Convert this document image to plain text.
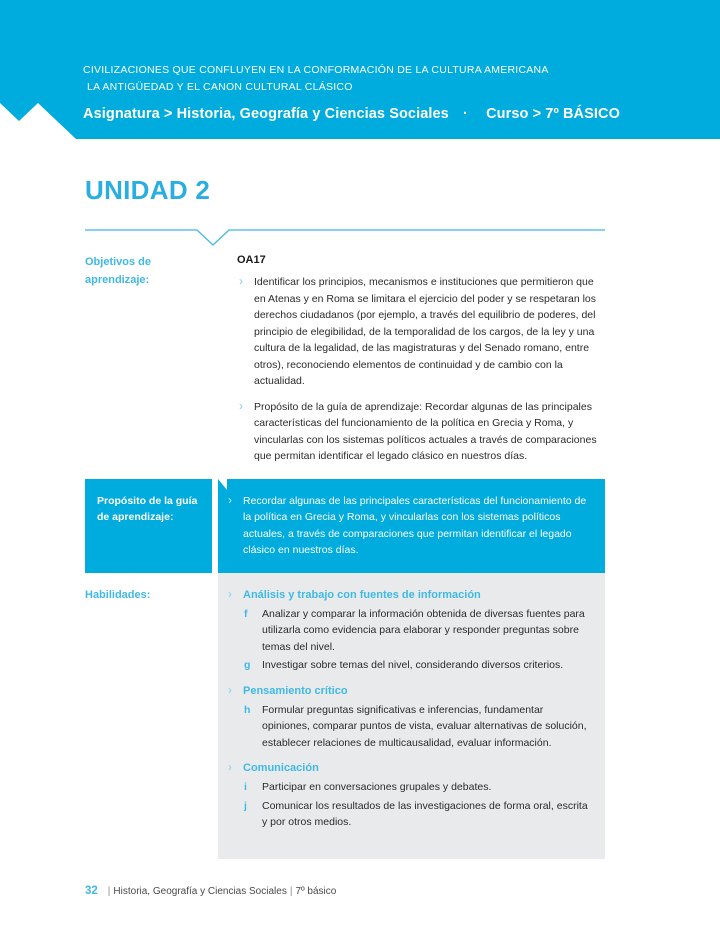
CIVILIZACIONES QUE CONFLUYEN EN LA CONFORMACIÓN DE LA CULTURA AMERICANA
LA ANTIGÜEDAD Y EL CANON CULTURAL CLÁSICO
Asignatura > Historia, Geografía y Ciencias Sociales · Curso > 7º BÁSICO
UNIDAD 2
Objetivos de
aprendizaje:
OA17
› Identificar los principios, mecanismos e instituciones que permitieron que en Atenas y en Roma se limitara el ejercicio del poder y se respetaran los derechos ciudadanos (por ejemplo, a través del equilibrio de poderes, del principio de elegibilidad, de la temporalidad de los cargos, de la ley y una cultura de la legalidad, de las magistraturas y del Senado romano, entre otros), reconociendo elementos de continuidad y de cambio con la actualidad.
› Propósito de la guía de aprendizaje: Recordar algunas de las principales características del funcionamiento de la política en Grecia y Roma, y vincularlas con los sistemas políticos actuales a través de comparaciones que permitan identificar el legado clásico en nuestros días.
Propósito de la guía
de aprendizaje:
› Recordar algunas de las principales características del funcionamiento de la política en Grecia y Roma, y vincularlas con los sistemas políticos actuales, a través de comparaciones que permitan identificar el legado clásico en nuestros días.
Habilidades:	› Análisis y trabajo con fuentes de información
f Analizar y comparar la información obtenida de diversas fuentes para utilizarla como evidencia para elaborar y responder preguntas sobre temas del nivel.
g Investigar sobre temas del nivel, considerando diversos criterios.
› Pensamiento crítico
h Formular preguntas significativas e inferencias, fundamentar opiniones, comparar puntos de vista, evaluar alternativas de solución, establecer relaciones de multicausalidad, evaluar información.
› Comunicación
i Participar en conversaciones grupales y debates.
j Comunicar los resultados de las investigaciones de forma oral, escrita y por otros medios.
32 | Historia, Geografía y Ciencias Sociales | 7º básico
